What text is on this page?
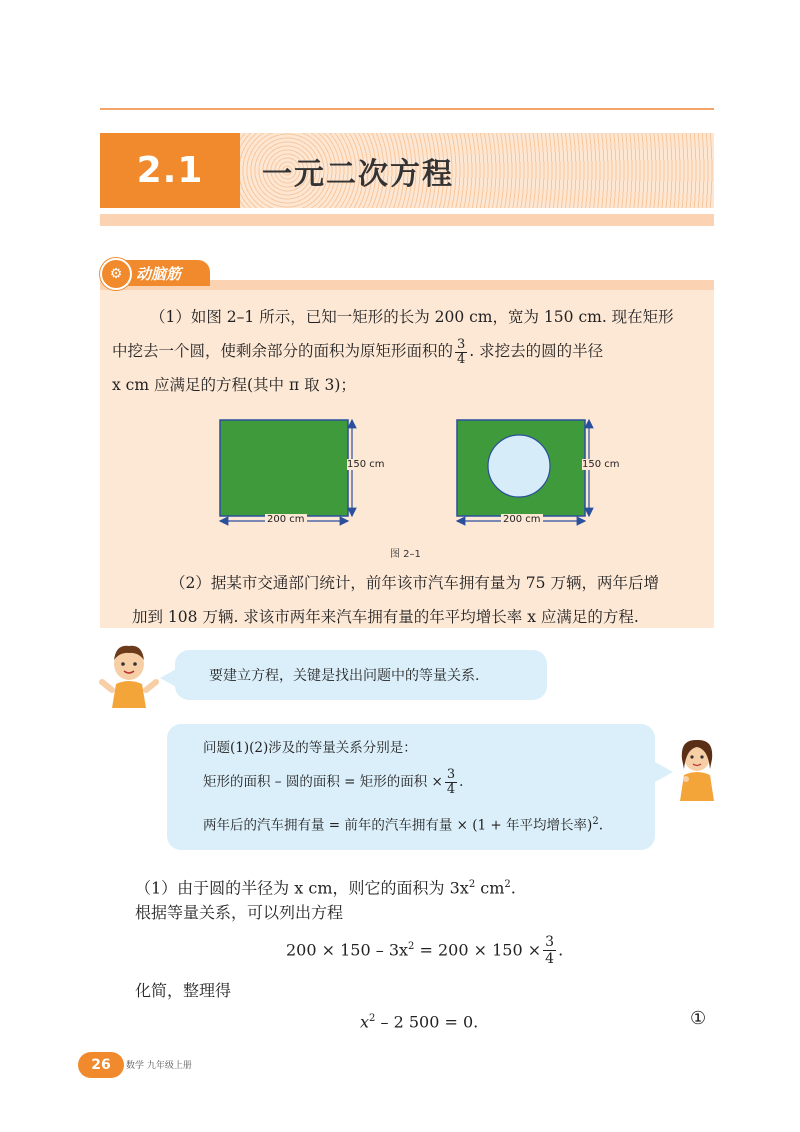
2.1	一元二次方程
动脑筋
⚙
（1）如图 2–1 所示，已知一矩形的长为 200 cm，宽为 150 cm. 现在矩形
中挖去一个圆，使剩余部分的面积为原矩形面积的 $\frac{3}{4}$ . 求挖去的圆的半径
x cm 应满足的方程(其中 π 取 3)；
150 cm	150 cm
200 cm	200 cm
图 2–1
（2）据某市交通部门统计，前年该市汽车拥有量为 75 万辆，两年后增
加到 108 万辆. 求该市两年来汽车拥有量的年平均增长率 x 应满足的方程.
要建立方程，关键是找出问题中的等量关系.
问题(1)(2)涉及的等量关系分别是：
矩形的面积 – 圆的面积 = 矩形的面积 × $\frac{3}{4}$ .
两年后的汽车拥有量 = 前年的汽车拥有量 × (1 + 年平均增长率)$^2$.
（1）由于圆的半径为 x cm，则它的面积为 $3x^2$ $cm^2$.
根据等量关系，可以列出方程
$200 \times 150 - 3x^2 = 200 \times 150 \times \frac{3}{4}$ .
化简，整理得
$x^2 - 2$ 500 = 0.	①
26	数学 九年级上册
